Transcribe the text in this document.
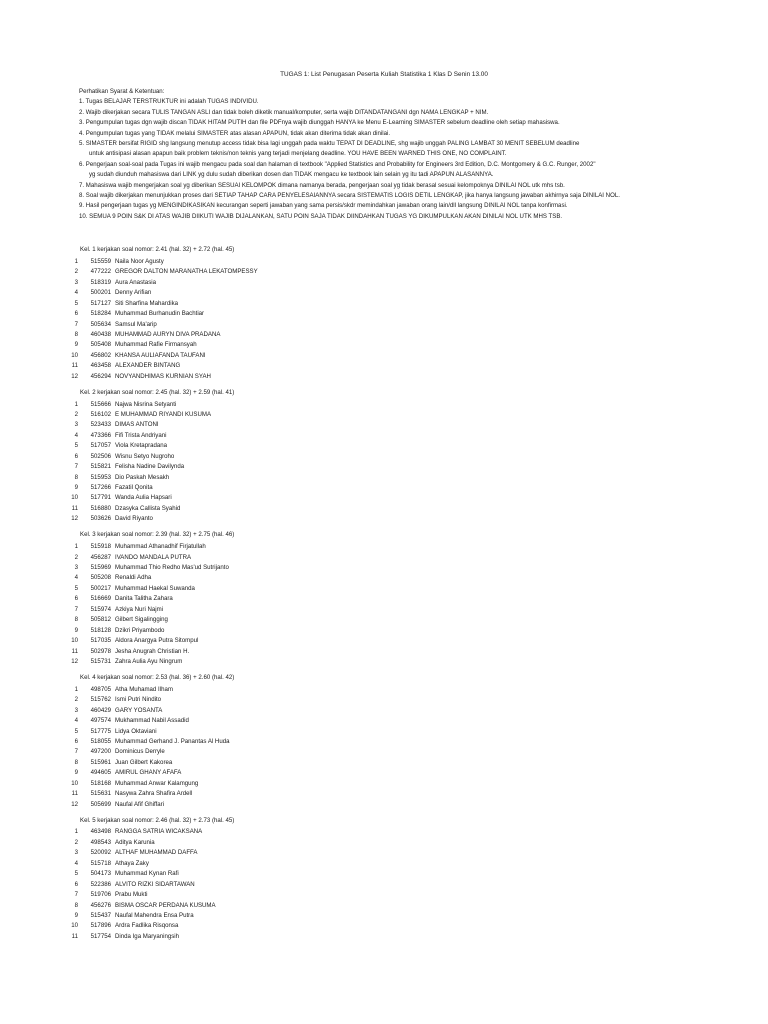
TUGAS 1: List Penugasan Peserta Kuliah Statistika 1 Klas D Senin 13.00
Perhatikan Syarat & Ketentuan:
1. Tugas BELAJAR TERSTRUKTUR ini adalah TUGAS INDIVIDU.
2. Wajib dikerjakan secara TULIS TANGAN ASLI dan tidak boleh diketik manual/komputer, serta wajib DITANDATANGANI dgn NAMA LENGKAP + NIM.
3. Pengumpulan tugas dgn wajib discan TIDAK HITAM PUTIH dan file PDFnya wajib diunggah HANYA ke Menu E-Learning SIMASTER sebelum deadline oleh setiap mahasiswa.
4. Pengumpulan tugas yang TIDAK melalui SIMASTER atas alasan APAPUN, tidak akan diterima tidak akan dinilai.
5. SIMASTER bersifat RIGID shg langsung menutup access tidak bisa lagi unggah pada waktu TEPAT DI DEADLINE, shg wajib unggah PALING LAMBAT 30 MENIT SEBELUM deadline
untuk antisipasi alasan apapun baik problem teknis/non teknis yang terjadi menjelang deadline. YOU HAVE BEEN WARNED THIS ONE, NO COMPLAINT.
6. Pengerjaan soal-soal pada Tugas ini wajib mengacu pada soal dan halaman di textbook "Applied Statistics and Probability for Engineers 3rd Edition, D.C. Montgomery & G.C. Runger, 2002"
yg sudah diunduh mahasiswa dari LINK yg dulu sudah diberikan dosen dan TIDAK mengacu ke textbook lain selain yg itu tadi APAPUN ALASANNYA.
7. Mahasiswa wajib mengerjakan soal yg diberikan SESUAI KELOMPOK dimana namanya berada, pengerjaan soal yg tidak berasal sesuai kelompoknya DINILAI NOL utk mhs tsb.
8. Soal wajib dikerjakan menunjukkan proses dari SETIAP TAHAP CARA PENYELESAIANNYA secara SISTEMATIS LOGIS DETIL LENGKAP, jika hanya langsung jawaban akhirnya saja DINILAI NOL.
9. Hasil pengerjaan tugas yg MENGINDIKASIKAN kecurangan seperti jawaban yang sama persis/skdr memindahkan jawaban orang lain/dll langsung DINILAI NOL tanpa konfirmasi.
10. SEMUA 9 POIN S&K DI ATAS WAJIB DIIKUTI WAJIB DIJALANKAN, SATU POIN SAJA TIDAK DIINDAHKAN TUGAS YG DIKUMPULKAN AKAN DINILAI NOL UTK MHS TSB.
Kel. 1 kerjakan soal nomor: 2.41 (hal. 32) + 2.72 (hal. 45)
1	515559 Naila Noor Agusty
2	477222 GREGOR DALTON MARANATHA LEKATOMPESSY
3	518319 Aura Anastasia
4	500201 Denny Arifian
5	517127 Siti Sharfina Mahardika
6	518284 Muhammad Burhanudin Bachtiar
7	505634 Samsul Ma'arip
8	460438 MUHAMMAD AURYN DIVA PRADANA
9	505408 Muhammad Rafie Firmansyah
10	456802 KHANSA AULIAFANDA TAUFANI
11	463458 ALEXANDER BINTANG
12	456294 NOVYANDHIMAS KURNIAN SYAH
Kel. 2 kerjakan soal nomor: 2.45 (hal. 32) + 2.59 (hal. 41)
1	515666 Najwa Nisrina Setyanti
2	516102 E MUHAMMAD RIYANDI KUSUMA
3	523433 DIMAS ANTONI
4	473366 Fifi Trista Andriyani
5	517057 Viola Kretapradana
6	502506 Wisnu Setyo Nugroho
7	515821 Felisha Nadine Davilynda
8	515953 Dio Paskah Mesakh
9	517266 Fazatil Qonita
10	517791 Wanda Aulia Hapsari
11	516880 Dzasyka Callista Syahid
12	503626 David Riyanto
Kel. 3 kerjakan soal nomor: 2.39 (hal. 32) + 2.75 (hal. 46)
1	515918 Muhammad Athanadhif Firjatullah
2	456287 IVANDO MANDALA PUTRA
3	515969 Muhammad Thio Redho Mas'ud Sutrijanto
4	505208 Renaldi Adha
5	500217 Muhammad Haekal Suwanda
6	516669 Danita Talitha Zahara
7	515974 Azkiya Nuri Najmi
8	505812 Gilbert Sigalingging
9	518128 Dzikri Priyambodo
10	517035 Aldora Anargya Putra Sitompul
11	502978 Jesha Anugrah Christian H.
12	515731 Zahra Aulia Ayu Ningrum
Kel. 4 kerjakan soal nomor: 2.53 (hal. 36) + 2.60 (hal. 42)
1	498705 Atha Muhamad Ilham
2	515762 Ismi Putri Nindito
3	460429 GARY YOSANTA
4	497574 Mukhammad Nabil Assadid
5	517775 Lidya Oktaviani
6	518055 Muhammad Gerhand J. Panantas Al Huda
7	497200 Dominicus Derryle
8	515961 Juan Gilbert Kakorea
9	494605 AMIRUL GHANY AFAFA
10	518168 Muhammad Anwar Kalamgung
11	515631 Nasywa Zahra Shafira Ardell
12	505699 Naufal Afif Ghiffari
Kel. 5 kerjakan soal nomor: 2.46 (hal. 32) + 2.73 (hal. 45)
1	463498 RANGGA SATRIA WICAKSANA
2	498543 Aditya Karunia
3	520092 ALTHAF MUHAMMAD DAFFA
4	515718 Athaya Zaky
5	504173 Muhammad Kynan Rafi
6	522386 ALVITO RIZKI SIDARTAWAN
7	519706 Prabu Mukti
8	456276 BISMA OSCAR PERDANA KUSUMA
9	515437 Naufal Mahendra Ensa Putra
10	517896 Ardra Fadlika Risqonsa
11	517754 Dinda Iga Maryaningsih
